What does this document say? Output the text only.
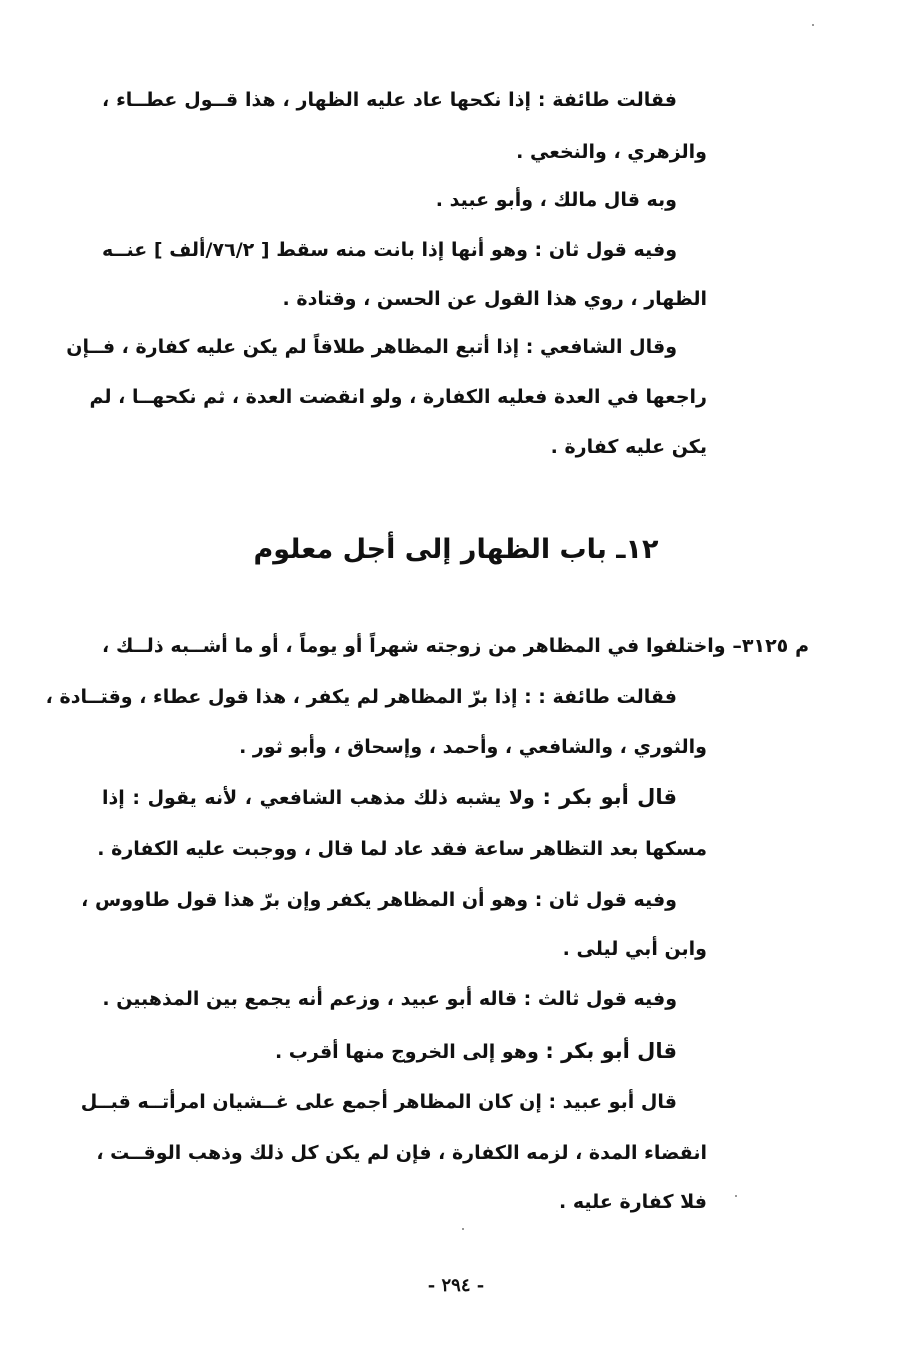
فقالت طائفة : إذا نكحها عاد عليه الظهار ، هذا قــول عطــاء ،
والزهري ، والنخعي .
وبه قال مالك ، وأبو عبيد .
وفيه قول ثان : وهو أنها إذا بانت منه سقط [ ٧٦/٢/ألف ] عنــه
الظهار ، روي هذا القول عن الحسن ، وقتادة .
وقال الشافعي : إذا أتبع المظاهر طلاقاً لم يكن عليه كفارة ، فــإن
راجعها في العدة فعليه الكفارة ، ولو انقضت العدة ، ثم نكحهــا ، لم
يكن عليه كفارة .
١٢ـ باب الظهار إلى أجل معلوم
م ٣١٢٥– واختلفوا في المظاهر من زوجته شهراً أو يوماً ، أو ما أشــبه ذلــك ،
فقالت طائفة : : إذا برّ المظاهر لم يكفر ، هذا قول عطاء ، وقتــادة ،
والثوري ، والشافعي ، وأحمد ، وإسحاق ، وأبو ثور .
قال أبو بكر : ولا يشبه ذلك مذهب الشافعي ، لأنه يقول : إذا
مسكها بعد التظاهر ساعة فقد عاد لما قال ، ووجبت عليه الكفارة .
وفيه قول ثان : وهو أن المظاهر يكفر وإن برّ هذا قول طاووس ،
وابن أبي ليلى .
وفيه قول ثالث : قاله أبو عبيد ، وزعم أنه يجمع بين المذهبين .
قال أبو بكر : وهو إلى الخروج منها أقرب .
قال أبو عبيد : إن كان المظاهر أجمع على غــشيان امرأتــه قبــل
انقضاء المدة ، لزمه الكفارة ، فإن لم يكن كل ذلك وذهب الوقــت ،
فلا كفارة عليه .
- ٢٩٤ -
